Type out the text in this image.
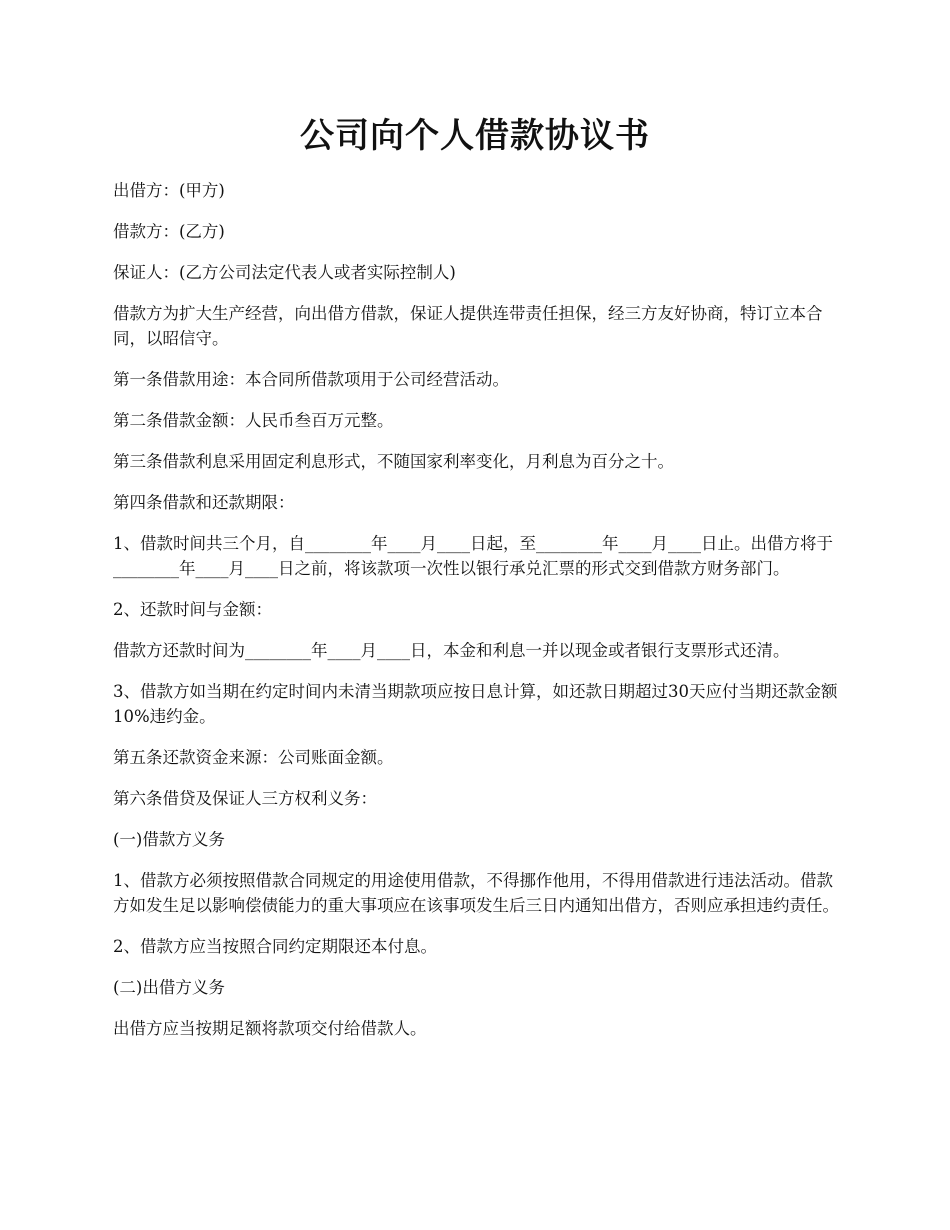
公司向个人借款协议书

出借方：(甲方)

借款方：(乙方)

保证人：(乙方公司法定代表人或者实际控制人)

借款方为扩大生产经营，向出借方借款，保证人提供连带责任担保，经三方友好协商，特订立本合同，以昭信守。

第一条借款用途：本合同所借款项用于公司经营活动。

第二条借款金额：人民币叁百万元整。

第三条借款利息采用固定利息形式，不随国家利率变化，月利息为百分之十。

第四条借款和还款期限：

1、借款时间共三个月，自________年____月____日起，至________年____月____日止。出借方将于________年____月____日之前，将该款项一次性以银行承兑汇票的形式交到借款方财务部门。

2、还款时间与金额：

借款方还款时间为________年____月____日，本金和利息一并以现金或者银行支票形式还清。

3、借款方如当期在约定时间内未清当期款项应按日息计算，如还款日期超过30天应付当期还款金额10%违约金。

第五条还款资金来源：公司账面金额。

第六条借贷及保证人三方权利义务：

(一)借款方义务

1、借款方必须按照借款合同规定的用途使用借款，不得挪作他用，不得用借款进行违法活动。借款方如发生足以影响偿债能力的重大事项应在该事项发生后三日内通知出借方，否则应承担违约责任。

2、借款方应当按照合同约定期限还本付息。

(二)出借方义务

出借方应当按期足额将款项交付给借款人。
